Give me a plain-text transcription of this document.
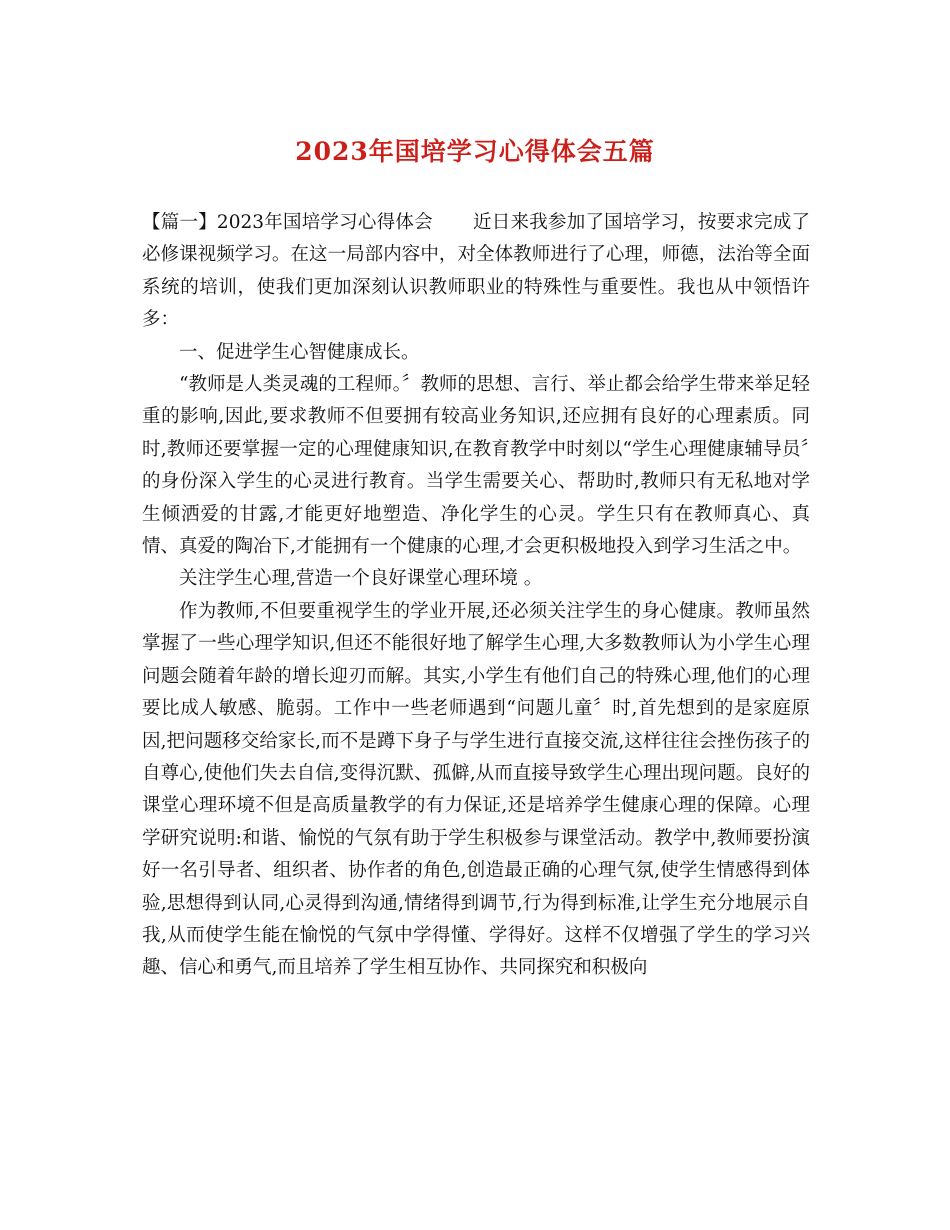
2023年国培学习心得体会五篇

【篇一】2023年国培学习心得体会 近日来我参加了国培学习，按要求完成了必修课视频学习。在这一局部内容中，对全体教师进行了心理，师德，法治等全面系统的培训，使我们更加深刻认识教师职业的特殊性与重要性。我也从中领悟许多：

一、促进学生心智健康成长。

“教师是人类灵魂的工程师。〞教师的思想、言行、举止都会给学生带来举足轻重的影响,因此,要求教师不但要拥有较高业务知识,还应拥有良好的心理素质。同时,教师还要掌握一定的心理健康知识,在教育教学中时刻以“学生心理健康辅导员〞的身份深入学生的心灵进行教育。当学生需要关心、帮助时,教师只有无私地对学生倾洒爱的甘露,才能更好地塑造、净化学生的心灵。学生只有在教师真心、真情、真爱的陶冶下,才能拥有一个健康的心理,才会更积极地投入到学习生活之中。

关注学生心理,营造一个良好课堂心理环境 。

作为教师,不但要重视学生的学业开展,还必须关注学生的身心健康。教师虽然掌握了一些心理学知识,但还不能很好地了解学生心理,大多数教师认为小学生心理问题会随着年龄的增长迎刃而解。其实,小学生有他们自己的特殊心理,他们的心理要比成人敏感、脆弱。工作中一些老师遇到“问题儿童〞时,首先想到的是家庭原因,把问题移交给家长,而不是蹲下身子与学生进行直接交流,这样往往会挫伤孩子的自尊心,使他们失去自信,变得沉默、孤僻,从而直接导致学生心理出现问题。良好的课堂心理环境不但是高质量教学的有力保证,还是培养学生健康心理的保障。心理学研究说明:和谐、愉悦的气氛有助于学生积极参与课堂活动。教学中,教师要扮演好一名引导者、组织者、协作者的角色,创造最正确的心理气氛,使学生情感得到体验,思想得到认同,心灵得到沟通,情绪得到调节,行为得到标准,让学生充分地展示自我,从而使学生能在愉悦的气氛中学得懂、学得好。这样不仅增强了学生的学习兴趣、信心和勇气,而且培养了学生相互协作、共同探究和积极向
